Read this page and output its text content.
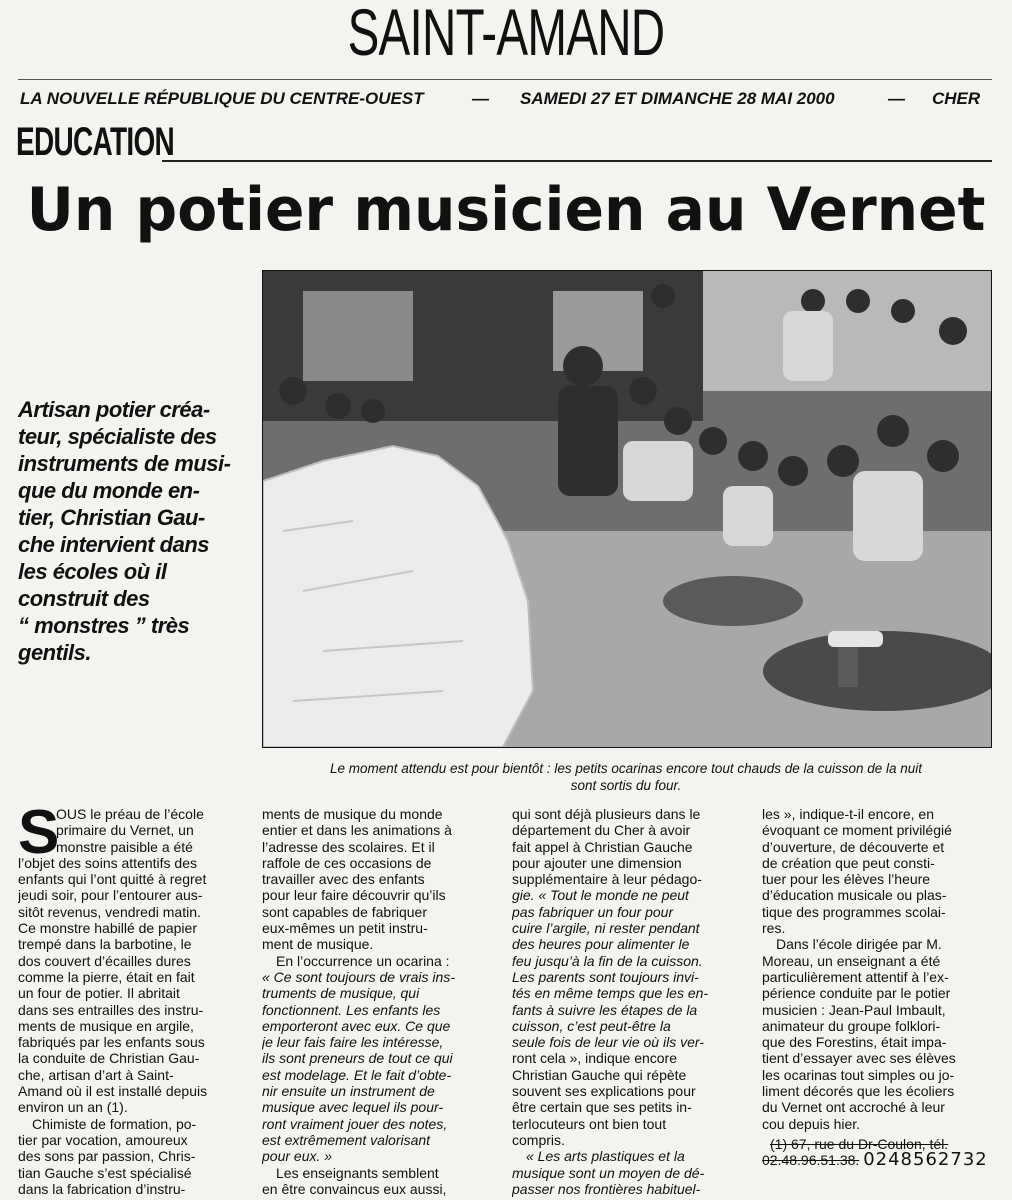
SAINT-AMAND
LA NOUVELLE RÉPUBLIQUE DU CENTRE-OUEST	— SAMEDI 27 ET DIMANCHE 28 MAI 2000	— CHER
EDUCATION
Un potier musicien au Vernet
Artisan potier créa-
teur, spécialiste des
instruments de musi-
que du monde en-
tier, Christian Gau-
che intervient dans
les écoles où il
construit des
“ monstres ” très
gentils.
Le moment attendu est pour bientôt : les petits ocarinas encore tout chauds de la cuisson de la nuit
sont sortis du four.
S
OUS le préau de l’école
primaire du Vernet, un
monstre paisible a été
l’objet des soins attentifs des
enfants qui l’ont quitté à regret
jeudi soir, pour l’entourer aus-
sitôt revenus, vendredi matin.
Ce monstre habillé de papier
trempé dans la barbotine, le
dos couvert d’écailles dures
comme la pierre, était en fait
un four de potier. Il abritait
dans ses entrailles des instru-
ments de musique en argile,
fabriqués par les enfants sous
la conduite de Christian Gau-
che, artisan d’art à Saint-
Amand où il est installé depuis
environ un an (1).
Chimiste de formation, po-
tier par vocation, amoureux
des sons par passion, Chris-
tian Gauche s’est spécialisé
dans la fabrication d’instru-
ments de musique du monde
entier et dans les animations à
l’adresse des scolaires. Et il
raffole de ces occasions de
travailler avec des enfants
pour leur faire découvrir qu’ils
sont capables de fabriquer
eux-mêmes un petit instru-
ment de musique.
En l’occurrence un ocarina :
« Ce sont toujours de vrais ins-
truments de musique, qui
fonctionnent. Les enfants les
emporteront avec eux. Ce que
je leur fais faire les intéresse,
ils sont preneurs de tout ce qui
est modelage. Et le fait d’obte-
nir ensuite un instrument de
musique avec lequel ils pour-
ront vraiment jouer des notes,
est extrêmement valorisant
pour eux. »
Les enseignants semblent
en être convaincus eux aussi,
qui sont déjà plusieurs dans le
département du Cher à avoir
fait appel à Christian Gauche
pour ajouter une dimension
supplémentaire à leur pédago-
gie. « Tout le monde ne peut
pas fabriquer un four pour
cuire l’argile, ni rester pendant
des heures pour alimenter le
feu jusqu’à la fin de la cuisson.
Les parents sont toujours invi-
tés en même temps que les en-
fants à suivre les étapes de la
cuisson, c’est peut-être la
seule fois de leur vie où ils ver-
ront cela », indique encore
Christian Gauche qui répète
souvent ses explications pour
être certain que ses petits in-
terlocuteurs ont bien tout
compris.
« Les arts plastiques et la
musique sont un moyen de dé-
passer nos frontières habituel-
les », indique-t-il encore, en
évoquant ce moment privilégié
d’ouverture, de découverte et
de création que peut consti-
tuer pour les élèves l’heure
d’éducation musicale ou plas-
tique des programmes scolai-
res.
Dans l’école dirigée par M.
Moreau, un enseignant a été
particulièrement attentif à l’ex-
périence conduite par le potier
musicien : Jean-Paul Imbault,
animateur du groupe folklori-
que des Forestins, était impa-
tient d’essayer avec ses élèves
les ocarinas tout simples ou jo-
liment décorés que les écoliers
du Vernet ont accroché à leur
cou depuis hier.
(1) 67, rue du Dr-Coulon, tél.
02.48.96.51.38. 0248562732
